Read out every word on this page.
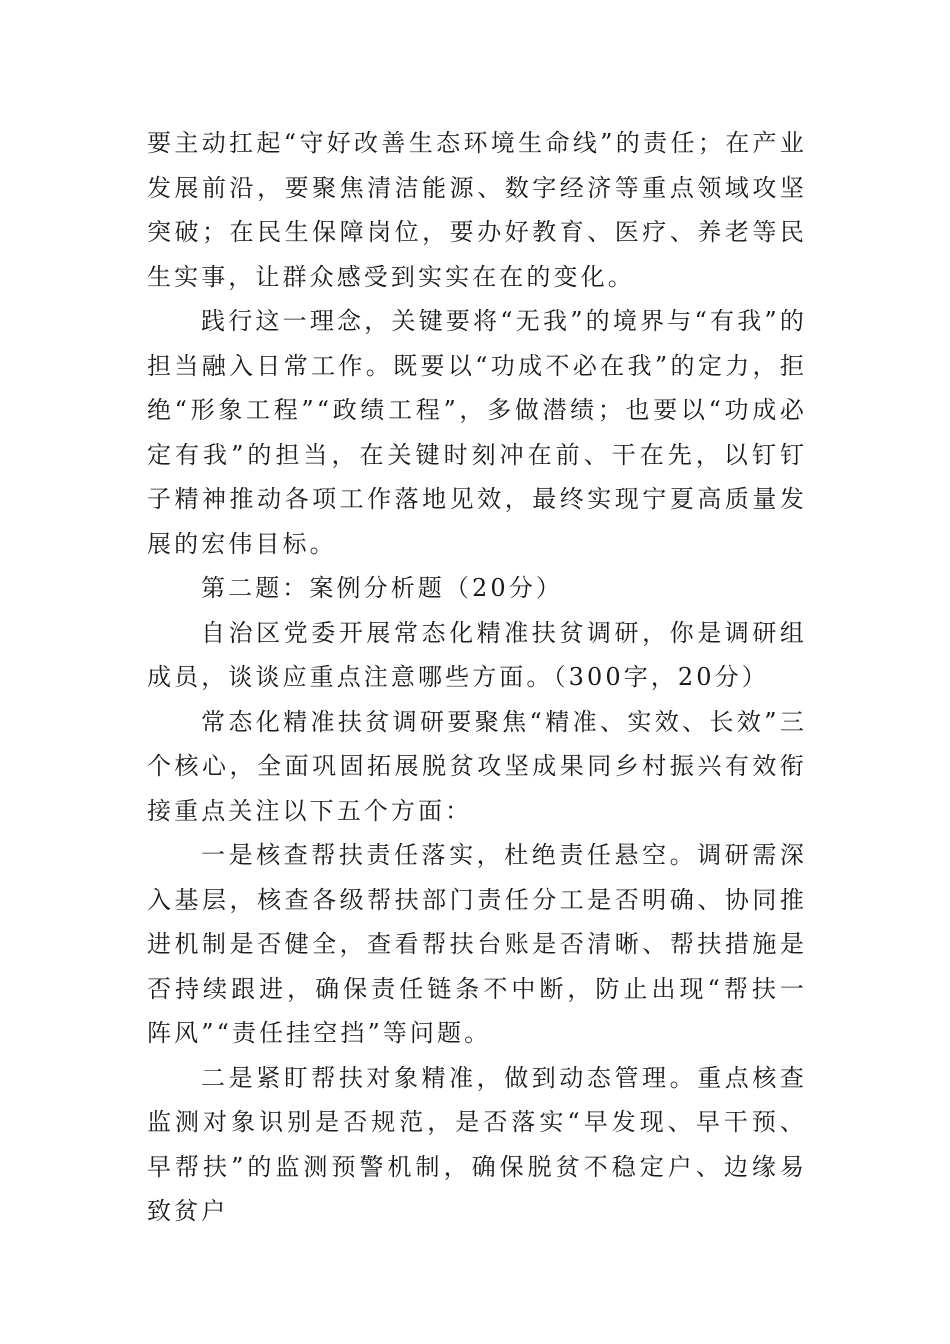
要主动扛起“守好改善生态环境生命线”的责任；在产业发展前沿，要聚焦清洁能源、数字经济等重点领域攻坚突破；在民生保障岗位，要办好教育、医疗、养老等民生实事，让群众感受到实实在在的变化。

践行这一理念，关键要将“无我”的境界与“有我”的担当融入日常工作。既要以“功成不必在我”的定力，拒绝“形象工程”“政绩工程”，多做潜绩；也要以“功成必定有我”的担当，在关键时刻冲在前、干在先，以钉钉子精神推动各项工作落地见效，最终实现宁夏高质量发展的宏伟目标。

第二题：案例分析题（20分）

自治区党委开展常态化精准扶贫调研，你是调研组成员，谈谈应重点注意哪些方面。（300字，20分）

常态化精准扶贫调研要聚焦“精准、实效、长效”三个核心，全面巩固拓展脱贫攻坚成果同乡村振兴有效衔接重点关注以下五个方面：

一是核查帮扶责任落实，杜绝责任悬空。调研需深入基层，核查各级帮扶部门责任分工是否明确、协同推进机制是否健全，查看帮扶台账是否清晰、帮扶措施是否持续跟进，确保责任链条不中断，防止出现“帮扶一阵风”“责任挂空挡”等问题。

二是紧盯帮扶对象精准，做到动态管理。重点核查监测对象识别是否规范，是否落实“早发现、早干预、早帮扶”的监测预警机制，确保脱贫不稳定户、边缘易致贫户
